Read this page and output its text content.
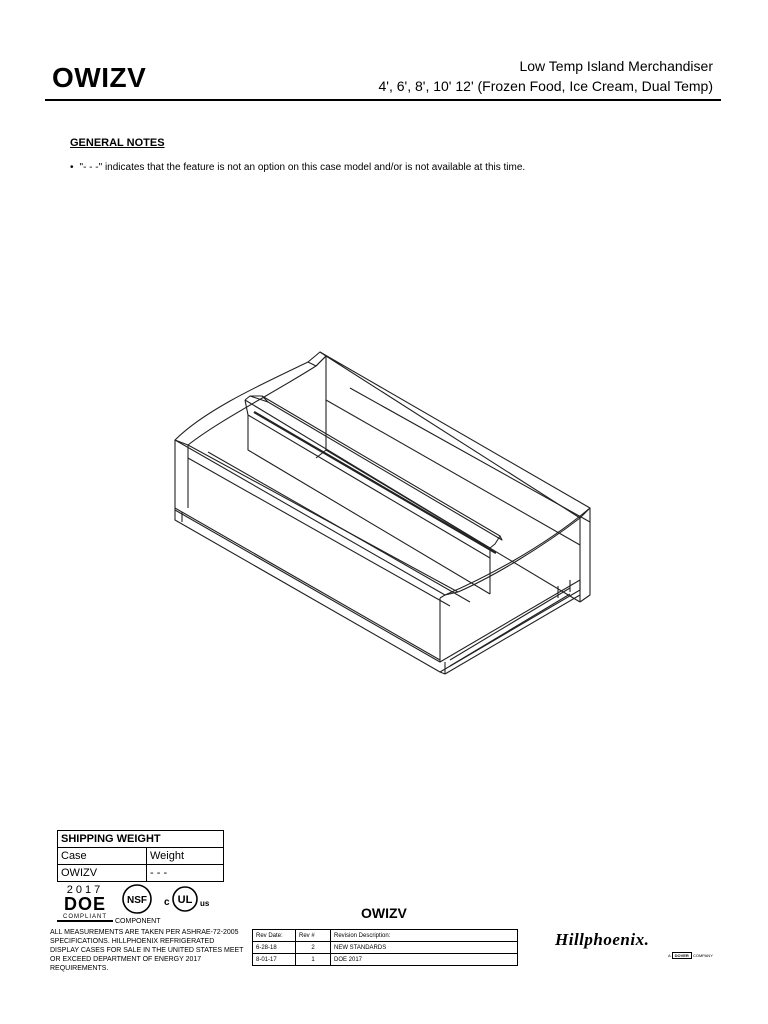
OWIZV	Low Temp Island Merchandiser
4', 6', 8', 10' 12' (Frozen Food, Ice Cream, Dual Temp)
GENERAL NOTES
• "- - -" indicates that the feature is not an option on this case model and/or is not available at this time.
SHIPPING WEIGHT	
Case	Weight
OWIZV	- - -
2017
DOE
COMPLIANT
NSF c UL us
COMPONENT
ALL MEASUREMENTS ARE TAKEN PER ASHRAE-72-2005 SPECIFICATIONS. HILLPHOENIX REFRIGERATED DISPLAY CASES FOR SALE IN THE UNITED STATES MEET OR EXCEED DEPARTMENT OF ENERGY 2017 REQUIREMENTS.
OWIZV
Rev Date:	Rev #	Revision Description:
6-28-18	2	NEW STANDARDS
8-01-17	1	DOE 2017
Hillphoenix.
A DOVER COMPANY
